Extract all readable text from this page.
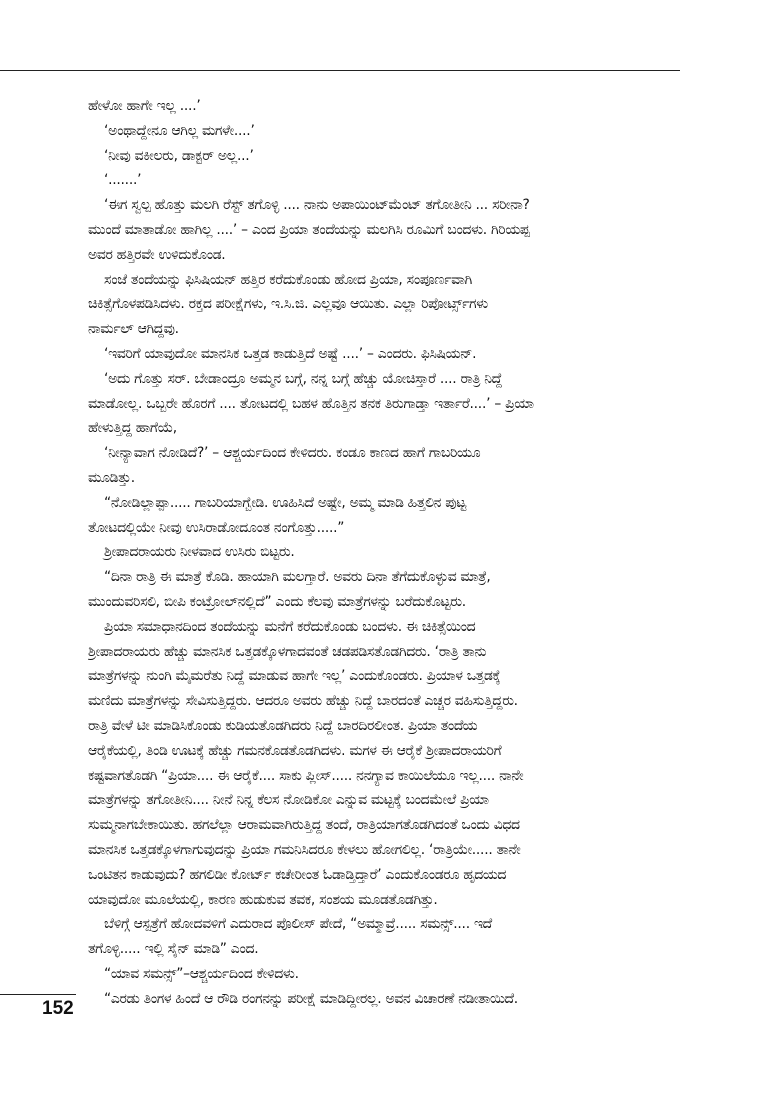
ಹೇಳೋ ಹಾಗೇ ಇಲ್ಲ ....’
‘ಅಂಥಾದ್ದೇನೂ ಆಗಿಲ್ಲ ಮಗಳೇ....’
‘ನೀವು ವಕೀಲರು, ಡಾಕ್ಟರ್ ಅಲ್ಲ...’
‘.......’
‘ಈಗ ಸ್ವಲ್ಪ ಹೊತ್ತು ಮಲಗಿ ರೆಸ್ಟ್ ತಗೊಳ್ಳಿ .... ನಾನು ಅಪಾಯಿಂಟ್‌ಮೆಂಟ್ ತಗೋತೀನಿ ... ಸರೀನಾ?
ಮುಂದೆ ಮಾತಾಡೋ ಹಾಗಿಲ್ಲ ....’ – ಎಂದ ಪ್ರಿಯಾ ತಂದೆಯನ್ನು ಮಲಗಿಸಿ ರೂಮಿಗೆ ಬಂದಳು. ಗಿರಿಯಪ್ಪ
ಅವರ ಹತ್ತಿರವೇ ಉಳಿದುಕೊಂಡ.
ಸಂಜೆ ತಂದೆಯನ್ನು ಫಿಸಿಷಿಯನ್ ಹತ್ತಿರ ಕರೆದುಕೊಂಡು ಹೋದ ಪ್ರಿಯಾ, ಸಂಪೂರ್ಣವಾಗಿ
ಚಿಕಿತ್ಸೆಗೊಳಪಡಿಸಿದಳು. ರಕ್ತದ ಪರೀಕ್ಷೆಗಳು, ಇ.ಸಿ.ಜಿ. ಎಲ್ಲವೂ ಆಯಿತು. ಎಲ್ಲಾ ರಿಪೋರ್ಟ್ಸ್‌ಗಳು
ನಾರ್ಮಲ್ ಆಗಿದ್ದವು.
‘ಇವರಿಗೆ ಯಾವುದೋ ಮಾನಸಿಕ ಒತ್ತಡ ಕಾಡುತ್ತಿದೆ ಅಷ್ಟೆ ....’ – ಎಂದರು. ಫಿಸಿಷಿಯನ್.
‘ಅದು ಗೊತ್ತು ಸರ್. ಬೇಡಾಂದ್ರೂ ಅಮ್ಮನ ಬಗ್ಗೆ, ನನ್ನ ಬಗ್ಗೆ ಹೆಚ್ಚು ಯೋಚಿಸ್ತಾರೆ .... ರಾತ್ರಿ ನಿದ್ದೆ
ಮಾಡೋಲ್ಲ. ಒಬ್ಬರೇ ಹೊರಗೆ .... ತೋಟದಲ್ಲಿ ಬಹಳ ಹೊತ್ತಿನ ತನಕ ತಿರುಗಾಡ್ತಾ ಇರ್ತಾರೆ....’ – ಪ್ರಿಯಾ
ಹೇಳುತ್ತಿದ್ದ ಹಾಗೆಯೆ,
‘ನೀನ್ಯಾವಾಗ ನೋಡಿದೆ?’ – ಆಶ್ಚರ್ಯದಿಂದ ಕೇಳಿದರು. ಕಂಡೂ ಕಾಣದ ಹಾಗೆ ಗಾಬರಿಯೂ
ಮೂಡಿತ್ತು.
“ನೋಡಿಲ್ಲಾಪ್ಪಾ..... ಗಾಬರಿಯಾಗ್ಬೇಡಿ. ಊಹಿಸಿದೆ ಅಷ್ಟೇ, ಅಮ್ಮ ಮಾಡಿ ಹಿತ್ತಲಿನ ಪುಟ್ಟ
ತೋಟದಲ್ಲಿಯೇ ನೀವು ಉಸಿರಾಡೋದೂಂತ ನಂಗೊತ್ತು.....”
ಶ್ರೀಪಾದರಾಯರು ನೀಳವಾದ ಉಸಿರು ಬಿಟ್ಟರು.
“ದಿನಾ ರಾತ್ರಿ ಈ ಮಾತ್ರೆ ಕೊಡಿ. ಹಾಯಾಗಿ ಮಲಗ್ತಾರೆ. ಅವರು ದಿನಾ ತೆಗೆದುಕೊಳ್ಳುವ ಮಾತ್ರೆ,
ಮುಂದುವರಿಸಲಿ, ಬೀಪಿ ಕಂಟ್ರೋಲ್‌ನಲ್ಲಿದೆ” ಎಂದು ಕೆಲವು ಮಾತ್ರೆಗಳನ್ನು ಬರೆದುಕೊಟ್ಟರು.
ಪ್ರಿಯಾ ಸಮಾಧಾನದಿಂದ ತಂದೆಯನ್ನು ಮನೆಗೆ ಕರೆದುಕೊಂಡು ಬಂದಳು. ಈ ಚಿಕಿತ್ಸೆಯಿಂದ
ಶ್ರೀಪಾದರಾಯರು ಹೆಚ್ಚು ಮಾನಸಿಕ ಒತ್ತಡಕ್ಕೊಳಗಾದವಂತೆ ಚಡಪಡಿಸತೊಡಗಿದರು. ‘ರಾತ್ರಿ ತಾನು
ಮಾತ್ರೆಗಳನ್ನು ನುಂಗಿ ಮೈಮರೆತು ನಿದ್ದೆ ಮಾಡುವ ಹಾಗೇ ಇಲ್ಲ’ ಎಂದುಕೊಂಡರು. ಪ್ರಿಯಾಳ ಒತ್ತಡಕ್ಕೆ
ಮಣಿದು ಮಾತ್ರೆಗಳನ್ನು ಸೇವಿಸುತ್ತಿದ್ದರು. ಆದರೂ ಅವರು ಹೆಚ್ಚು ನಿದ್ದೆ ಬಾರದಂತೆ ಎಚ್ಚರ ವಹಿಸುತ್ತಿದ್ದರು.
ರಾತ್ರಿ ವೇಳೆ ಟೀ ಮಾಡಿಸಿಕೊಂಡು ಕುಡಿಯತೊಡಗಿದರು ನಿದ್ದೆ ಬಾರದಿರಲೀಂತ. ಪ್ರಿಯಾ ತಂದೆಯ
ಆರೈಕೆಯಲ್ಲಿ, ತಿಂಡಿ ಊಟಕ್ಕೆ ಹೆಚ್ಚು ಗಮನಕೊಡತೊಡಗಿದಳು. ಮಗಳ ಈ ಆರೈಕೆ ಶ್ರೀಪಾದರಾಯರಿಗೆ
ಕಷ್ಟವಾಗತೊಡಗಿ “ಪ್ರಿಯಾ.... ಈ ಆರೈಕೆ.... ಸಾಕು ಪ್ಲೀಸ್..... ನನಗ್ಯಾವ ಕಾಯಿಲೆಯೂ ಇಲ್ಲ.... ನಾನೇ
ಮಾತ್ರೆಗಳನ್ನು ತಗೋತೀನಿ.... ನೀನೆ ನಿನ್ನ ಕೆಲಸ ನೋಡಿಕೋ ಎನ್ನುವ ಮಟ್ಟಕ್ಕೆ ಬಂದಮೇಲೆ ಪ್ರಿಯಾ
ಸುಮ್ಮನಾಗಬೇಕಾಯಿತು. ಹಗಲೆಲ್ಲಾ ಆರಾಮವಾಗಿರುತ್ತಿದ್ದ ತಂದೆ, ರಾತ್ರಿಯಾಗತೊಡಗಿದಂತೆ ಒಂದು ವಿಧದ
ಮಾನಸಿಕ ಒತ್ತಡಕ್ಕೊಳಗಾಗುವುದನ್ನು ಪ್ರಿಯಾ ಗಮನಿಸಿದರೂ ಕೇಳಲು ಹೋಗಲಿಲ್ಲ. ‘ರಾತ್ರಿಯೇ..... ತಾನೇ
ಒಂಟಿತನ ಕಾಡುವುದು? ಹಗಲಿಡೀ ಕೋರ್ಟ್ ಕಚೇರೀಂತ ಓಡಾಡ್ತಿದ್ತಾರೆ’ ಎಂದುಕೊಂಡರೂ ಹೃದಯದ
ಯಾವುದೋ ಮೂಲೆಯಲ್ಲಿ, ಕಾರಣ ಹುಡುಕುವ ತವಕ, ಸಂಶಯ ಮೂಡತೊಡಗಿತ್ತು.
ಬೆಳಿಗ್ಗೆ ಆಸ್ಪತ್ರೆಗೆ ಹೋದವಳಿಗೆ ಎದುರಾದ ಪೊಲೀಸ್ ಪೇದೆ, “ಅಮ್ಮಾವ್ರೆ..... ಸಮನ್ಸ್.... ಇದೆ
ತಗೊಳ್ಳಿ..... ಇಲ್ಲಿ ಸೈನ್ ಮಾಡಿ” ಎಂದ.
“ಯಾವ ಸಮನ್ಸ್”–ಆಶ್ಚರ್ಯದಿಂದ ಕೇಳಿದಳು.
“ಎರಡು ತಿಂಗಳ ಹಿಂದೆ ಆ ರೌಡಿ ರಂಗನನ್ನು ಪರೀಕ್ಷೆ ಮಾಡಿದ್ದೀರಲ್ಲ. ಅವನ ವಿಚಾರಣೆ ನಡೀತಾಯಿದೆ.
152
